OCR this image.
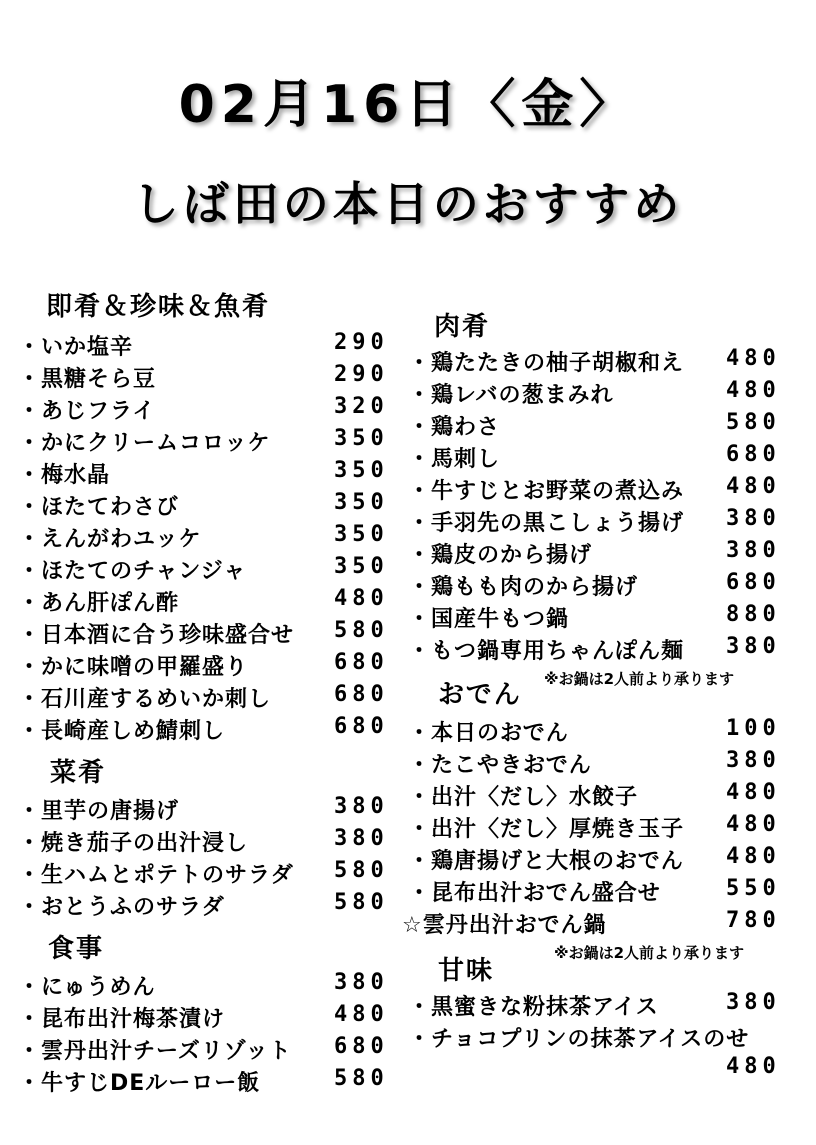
02月16日〈金〉
しば田の本日のおすすめ
即肴＆珍味＆魚肴
・いか塩辛	290
・黒糖そら豆	290
・あじフライ	320
・かにクリームコロッケ	350
・梅水晶	350
・ほたてわさび	350
・えんがわユッケ	350
・ほたてのチャンジャ	350
・あん肝ぽん酢	480
・日本酒に合う珍味盛合せ 580
・かに味噌の甲羅盛り	680
・石川産するめいか刺し	680
・長崎産しめ鯖刺し	680
菜肴
・里芋の唐揚げ	380
・焼き茄子の出汁浸し	380
・生ハムとポテトのサラダ 580
・おとうふのサラダ	580
食事
・にゅうめん	380
・昆布出汁梅茶漬け	480
・雲丹出汁チーズリゾット 680
・牛すじDEルーロー飯	580
肉肴
・鶏たたきの柚子胡椒和え 480
・鶏レバの葱まみれ	480
・鶏わさ	580
・馬刺し	680
・牛すじとお野菜の煮込み 480
・手羽先の黒こしょう揚げ 380
・鶏皮のから揚げ	380
・鶏もも肉のから揚げ	680
・国産牛もつ鍋	880
・もつ鍋専用ちゃんぽん麺 380
おでん
※お鍋は2人前より承ります
・本日のおでん	100
・たこやきおでん	380
・出汁〈だし〉水餃子	480
・出汁〈だし〉厚焼き玉子 480
・鶏唐揚げと大根のおでん 480
・昆布出汁おでん盛合せ	550
☆雲丹出汁おでん鍋	780
甘味
※お鍋は2人前より承ります
・黒蜜きな粉抹茶アイス	380
・チョコプリンの抹茶アイスのせ
480
